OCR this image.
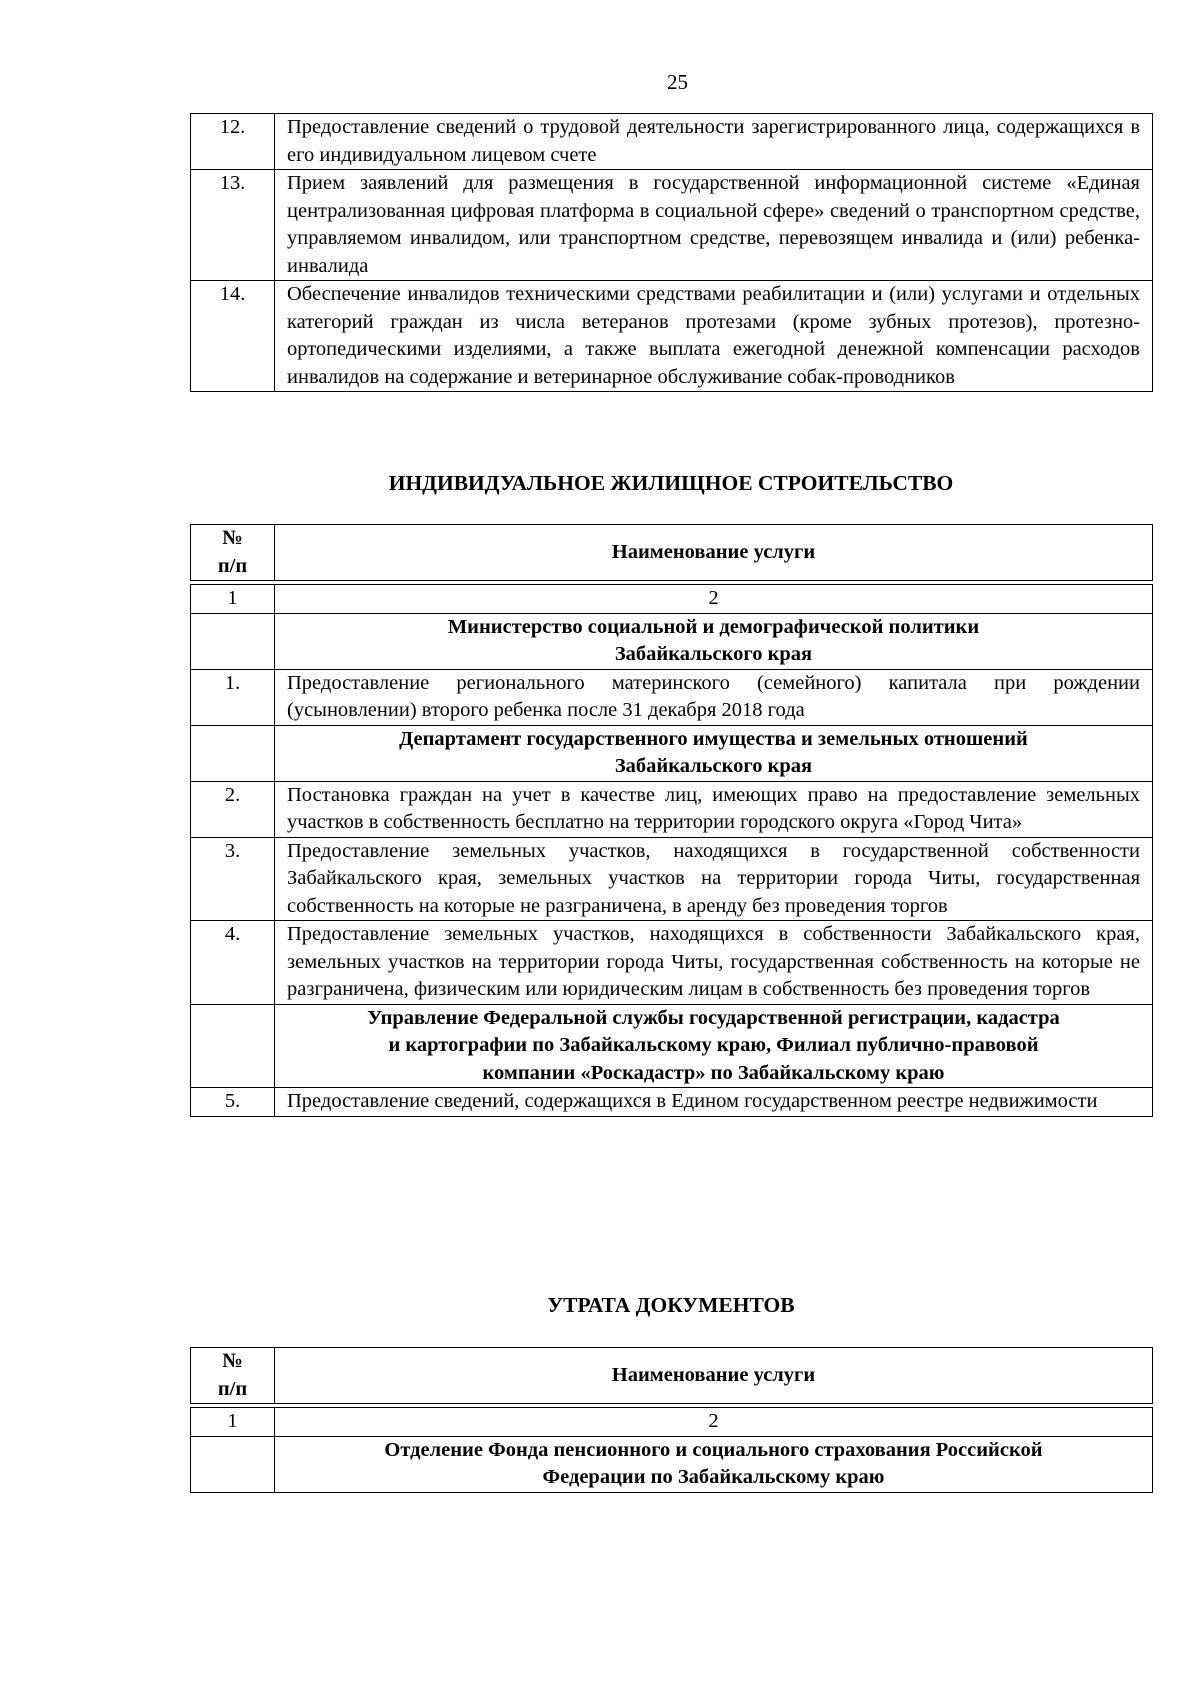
25
12.	Предоставление сведений о трудовой деятельности зарегистрированного лица, содержащихся в его индивидуальном лицевом счете
13.	Прием заявлений для размещения в государственной информационной системе «Единая централизованная цифровая платформа в социальной сфере» сведений о транспортном средстве, управляемом инвалидом, или транспортном средстве, перевозящем инвалида и (или) ребенка-инвалида
14.	Обеспечение инвалидов техническими средствами реабилитации и (или) услугами и отдельных категорий граждан из числа ветеранов протезами (кроме зубных протезов), протезно-ортопедическими изделиями, а также выплата ежегодной денежной компенсации расходов инвалидов на содержание и ветеринарное обслуживание собак-проводников
ИНДИВИДУАЛЬНОЕ ЖИЛИЩНОЕ СТРОИТЕЛЬСТВО
№
п/п	Наименование услуги

1	2

	Министерство социальной и демографической политики
Забайкальского края

1.	Предоставление регионального материнского (семейного) капитала при рождении (усыновлении) второго ребенка после 31 декабря 2018 года

	Департамент государственного имущества и земельных отношений
Забайкальского края

2.	Постановка граждан на учет в качестве лиц, имеющих право на предоставление земельных участков в собственность бесплатно на территории городского округа «Город Чита»
3.	Предоставление земельных участков, находящихся в государственной собственности Забайкальского края, земельных участков на территории города Читы, государственная собственность на которые не разграничена, в аренду без проведения торгов
4.	Предоставление земельных участков, находящихся в собственности Забайкальского края, земельных участков на территории города Читы, государственная собственность на которые не разграничена, физическим или юридическим лицам в собственность без проведения торгов

	Управление Федеральной службы государственной регистрации, кадастра
и картографии по Забайкальскому краю, Филиал публично-правовой
компании «Роскадастр» по Забайкальскому краю

5.	Предоставление сведений, содержащихся в Едином государственном реестре недвижимости
УТРАТА ДОКУМЕНТОВ
№
п/п	Наименование услуги

1	2

	Отделение Фонда пенсионного и социального страхования Российской
Федерации по Забайкальскому краю
